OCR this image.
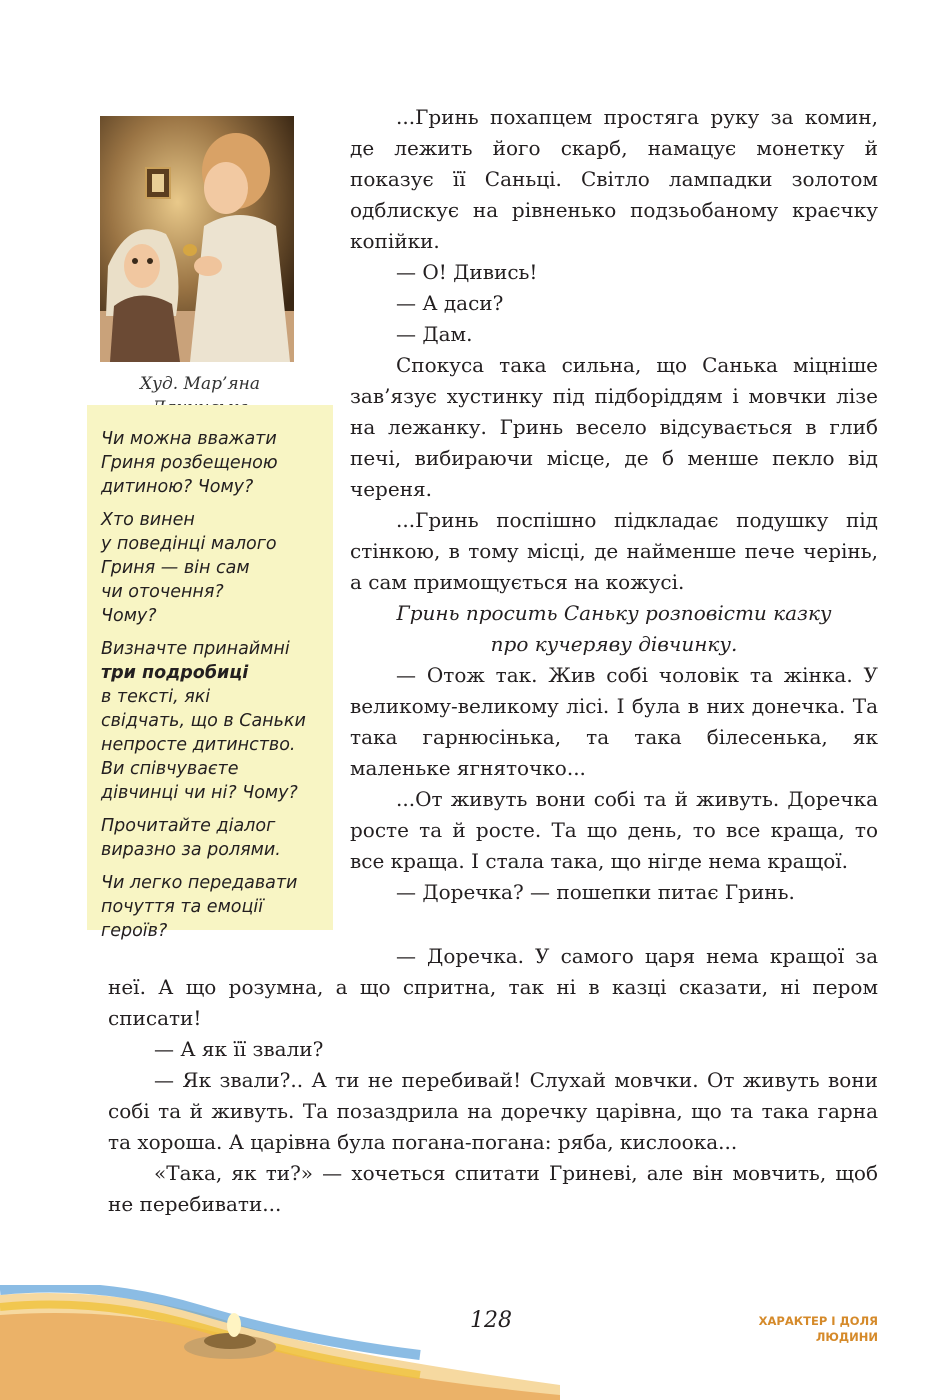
Худ. Мар’яна

Чи можна вважати
Гриня розбещеною
дитиною? Чому?

Хто винен
у поведінці малого
Гриня — він сам
чи оточення?
Чому?

Визначте принаймні
три подробиці
в тексті, які
свідчать, що в Саньки
непросте дитинство.
Ви співчуваєте
дівчинці чи ні? Чому?

Прочитайте діалог
виразно за ролями.

Чи легко передавати
почуття та емоції
героїв?

...Гринь похапцем простяга руку за комин, де лежить його скарб, намацує монетку й показує її Саньці. Світло лампадки золотом одблискує на рівненько подзьобаному краєчку копійки.

— О! Дивись!

— А даси?

— Дам.

Спокуса така сильна, що Санька міцніше зав’язує хустинку під підборіддям і мовчки лізе на лежанку. Гринь весело відсувається в глиб печі, вибираючи місце, де б менше пекло від череня.

...Гринь поспішно підкладає подушку під стінкою, в тому місці, де найменше пече черінь, а сам примощується на кожусі.

Гринь просить Саньку розповісти казку
про кучеряву дівчинку.

— Отож так. Жив собі чоловік та жінка. У великому-великому лісі. І була в них донечка. Та така гарнюсінька, та така білесенька, як маленьке ягняточко...

...От живуть вони собі та й живуть. Доречка росте та й росте. Та що день, то все краща, то все краща. І стала така, що нігде нема кращої.

— Доречка? — пошепки питає Гринь.

— Доречка. У самого царя нема кращої за неї. А що розумна, а що спритна, так ні в казці сказати, ні пером списати!

— А як її звали?

— Як звали?.. А ти не перебивай! Слухай мовчки. От живуть вони собі та й живуть. Та позаздрила на доречку царівна, що та така гарна та хороша. А царівна була погана-погана: ряба, кислоока...

«Така, як ти?» — хочеться спитати Гриневі, але він мовчить, щоб не перебивати...

128	ХАРАКТЕР І ДОЛЯ
ЛЮДИНИ
